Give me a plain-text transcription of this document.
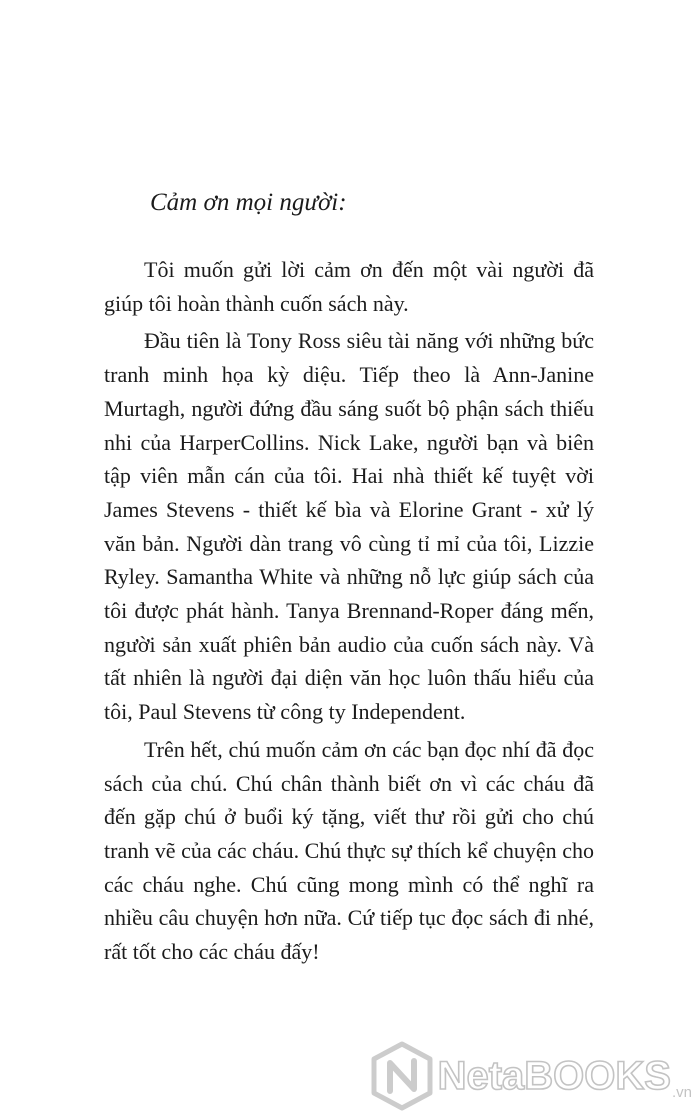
Cảm ơn mọi người:

Tôi muốn gửi lời cảm ơn đến một vài người đã giúp tôi hoàn thành cuốn sách này.

Đầu tiên là Tony Ross siêu tài năng với những bức tranh minh họa kỳ diệu. Tiếp theo là Ann-Janine Murtagh, người đứng đầu sáng suốt bộ phận sách thiếu nhi của HarperCollins. Nick Lake, người bạn và biên tập viên mẫn cán của tôi. Hai nhà thiết kế tuyệt vời James Stevens - thiết kế bìa và Elorine Grant - xử lý văn bản. Người dàn trang vô cùng tỉ mỉ của tôi, Lizzie Ryley. Samantha White và những nỗ lực giúp sách của tôi được phát hành. Tanya Brennand-Roper đáng mến, người sản xuất phiên bản audio của cuốn sách này. Và tất nhiên là người đại diện văn học luôn thấu hiểu của tôi, Paul Stevens từ công ty Independent.

Trên hết, chú muốn cảm ơn các bạn đọc nhí đã đọc sách của chú. Chú chân thành biết ơn vì các cháu đã đến gặp chú ở buổi ký tặng, viết thư rồi gửi cho chú tranh vẽ của các cháu. Chú thực sự thích kể chuyện cho các cháu nghe. Chú cũng mong mình có thể nghĩ ra nhiều câu chuyện hơn nữa. Cứ tiếp tục đọc sách đi nhé, rất tốt cho các cháu đấy!

NetaBOOKS .vn
